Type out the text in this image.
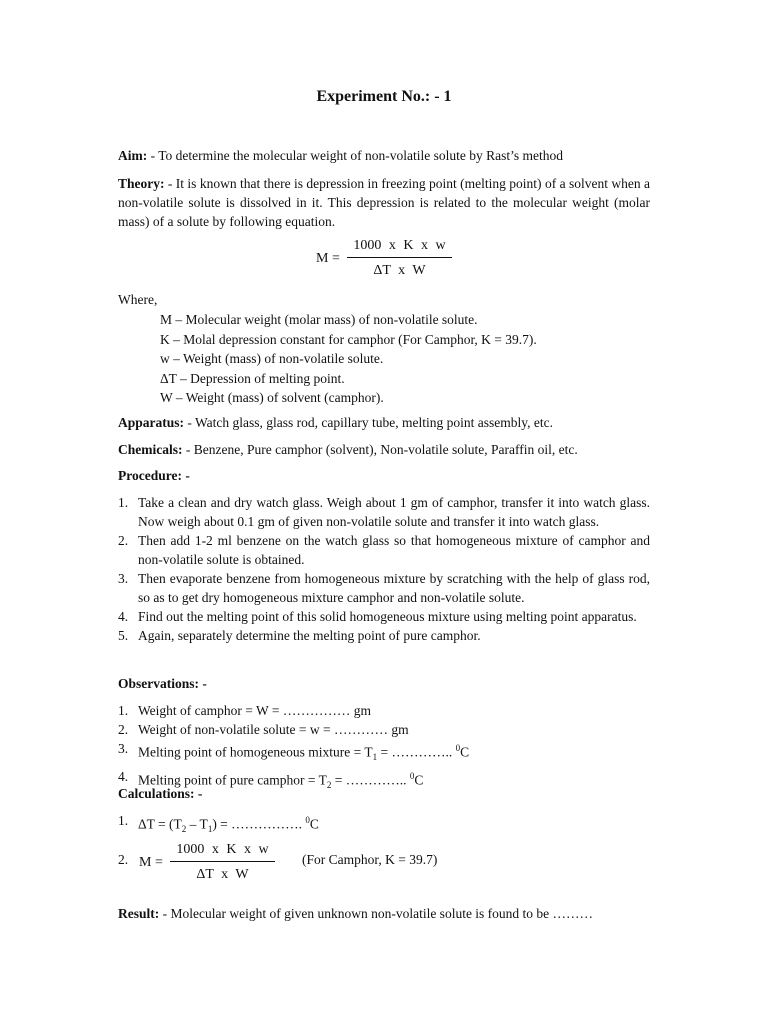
Experiment No.: - 1
Aim: - To determine the molecular weight of non-volatile solute by Rast’s method
Theory: - It is known that there is depression in freezing point (melting point) of a solvent when a non-volatile solute is dissolved in it. This depression is related to the molecular weight (molar mass) of a solute by following equation.
$M = \frac{\text{1000 x K x w}}{\text{ΔT x W}}$
Where,
M – Molecular weight (molar mass) of non-volatile solute.
K – Molal depression constant for camphor (For Camphor, K = 39.7).
w – Weight (mass) of non-volatile solute.
ΔT – Depression of melting point.
W – Weight (mass) of solvent (camphor).
Apparatus: - Watch glass, glass rod, capillary tube, melting point assembly, etc.
Chemicals: - Benzene, Pure camphor (solvent), Non-volatile solute, Paraffin oil, etc.
Procedure: -
1. Take a clean and dry watch glass. Weigh about 1 gm of camphor, transfer it into watch glass. Now weigh about 0.1 gm of given non-volatile solute and transfer it into watch glass.
2. Then add 1-2 ml benzene on the watch glass so that homogeneous mixture of camphor and non-volatile solute is obtained.
3. Then evaporate benzene from homogeneous mixture by scratching with the help of glass rod, so as to get dry homogeneous mixture camphor and non-volatile solute.
4. Find out the melting point of this solid homogeneous mixture using melting point apparatus.
5. Again, separately determine the melting point of pure camphor.
Observations: -
1. Weight of camphor = W = …………… gm
2. Weight of non-volatile solute = w = ………… gm
3. Melting point of homogeneous mixture = $T_1$ = ………….. $^0$C
4. Melting point of pure camphor = $T_2$ = ………….. $^0$C
Calculations: -
1. $\Delta T = (T_2 - T_1)$ = ……………. $^0$C
2. $M = \frac{\text{1000 x K x w}}{\text{ΔT x W}} (For$ Camphor, K = 39.7)
Result: - Molecular weight of given unknown non-volatile solute is found to be ………
